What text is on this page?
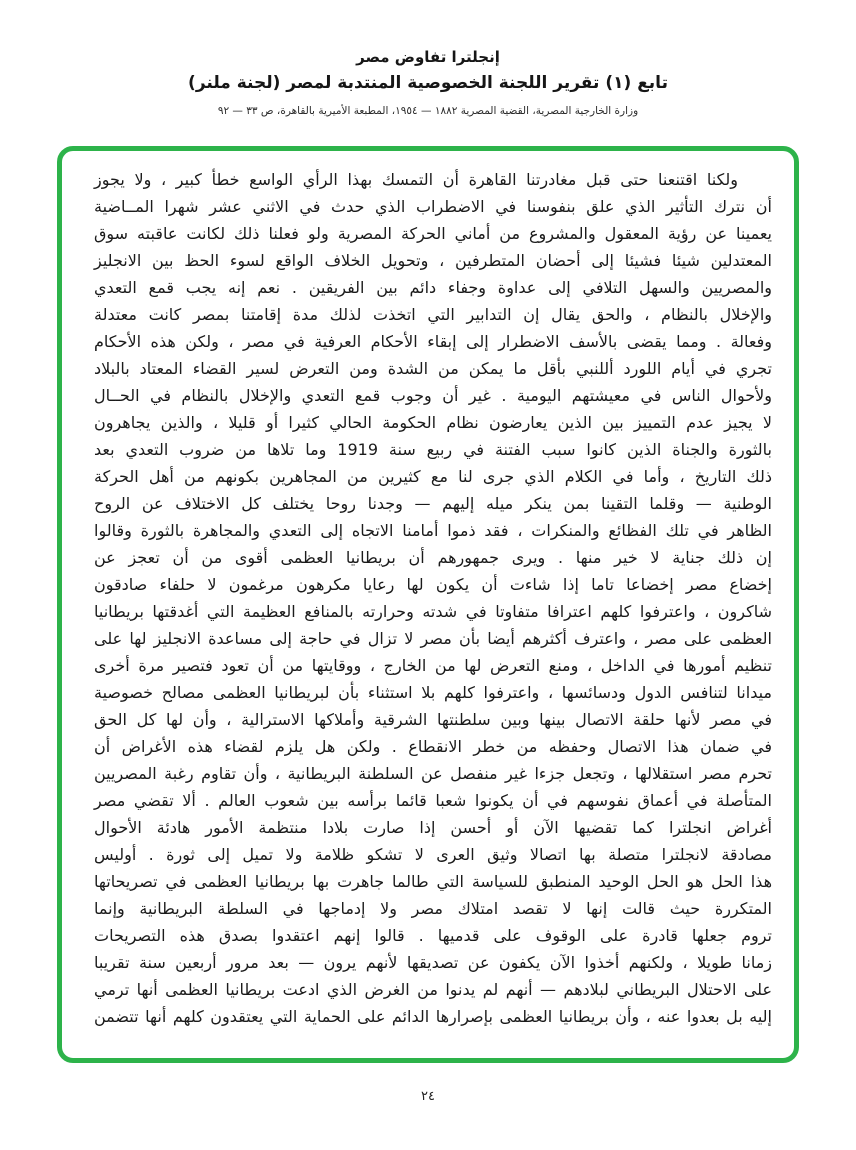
إنجلترا تفاوض مصر
تابع (١) تقرير اللجنة الخصوصية المنتدبة لمصر (لجنة ملنر)
وزارة الخارجية المصرية، القضية المصرية ١٨٨٢ — ١٩٥٤، المطبعة الأميرية بالقاهرة، ص ٣٣ — ٩٢
ولكنا اقتنعنا حتى قبل مغادرتنا القاهرة أن التمسك بهذا الرأي الواسع خطأ كبير ، ولا يجوز
أن نترك التأثير الذي علق بنفوسنا في الاضطراب الذي حدث في الاثني عشر شهرا المــاضية
يعمينا عن رؤية المعقول والمشروع من أماني الحركة المصرية ولو فعلنا ذلك لكانت عاقبته سوق
المعتدلين شيئا فشيئا إلى أحضان المتطرفين ، وتحويل الخلاف الواقع لسوء الحظ بين الانجليز
والمصريين والسهل التلافي إلى عداوة وجفاء دائم بين الفريقين . نعم إنه يجب قمع التعدي
والإخلال بالنظام ، والحق يقال إن التدابير التي اتخذت لذلك مدة إقامتنا بمصر كانت معتدلة
وفعالة . ومما يقضى بالأسف الاضطرار إلى إبقاء الأحكام العرفية في مصر ، ولكن هذه الأحكام
تجري في أيام اللورد أللنبي بأقل ما يمكن من الشدة ومن التعرض لسير القضاء المعتاد بالبلاد
ولأحوال الناس في معيشتهم اليومية . غير أن وجوب قمع التعدي والإخلال بالنظام في الحــال
لا يجيز عدم التمييز بين الذين يعارضون نظام الحكومة الحالي كثيرا أو قليلا ، والذين يجاهرون
بالثورة والجناة الذين كانوا سبب الفتنة في ربيع سنة 1919 وما تلاها من ضروب التعدي بعد
ذلك التاريخ ، وأما في الكلام الذي جرى لنا مع كثيرين من المجاهرين بكونهم من أهل الحركة
الوطنية — وقلما التقينا بمن ينكر ميله إليهم — وجدنا روحا يختلف كل الاختلاف عن الروح
الظاهر في تلك الفظائع والمنكرات ، فقد ذموا أمامنا الاتجاه إلى التعدي والمجاهرة بالثورة وقالوا
إن ذلك جناية لا خير منها . ويرى جمهورهم أن بريطانيا العظمى أقوى من أن تعجز عن
إخضاع مصر إخضاعا تاما إذا شاءت أن يكون لها رعايا مكرهون مرغمون لا حلفاء صادقون
شاكرون ، واعترفوا كلهم اعترافا متفاوتا في شدته وحرارته بالمنافع العظيمة التي أغدقتها بريطانيا
العظمى على مصر ، واعترف أكثرهم أيضا بأن مصر لا تزال في حاجة إلى مساعدة الانجليز لها على
تنظيم أمورها في الداخل ، ومنع التعرض لها من الخارج ، ووقايتها من أن تعود فتصير مرة أخرى
ميدانا لتنافس الدول ودسائسها ، واعترفوا كلهم بلا استثناء بأن لبريطانيا العظمى مصالح خصوصية
في مصر لأنها حلقة الاتصال بينها وبين سلطنتها الشرقية وأملاكها الاسترالية ، وأن لها كل الحق
في ضمان هذا الاتصال وحفظه من خطر الانقطاع . ولكن هل يلزم لقضاء هذه الأغراض أن
تحرم مصر استقلالها ، وتجعل جزءا غير منفصل عن السلطنة البريطانية ، وأن تقاوم رغبة المصريين
المتأصلة في أعماق نفوسهم في أن يكونوا شعبا قائما برأسه بين شعوب العالم . ألا تقضي مصر
أغراض انجلترا كما تقضيها الآن أو أحسن إذا صارت بلادا منتظمة الأمور هادئة الأحوال
مصادقة لانجلترا متصلة بها اتصالا وثيق العرى لا تشكو ظلامة ولا تميل إلى ثورة . أوليس
هذا الحل هو الحل الوحيد المنطبق للسياسة التي طالما جاهرت بها بريطانيا العظمى في تصريحاتها
المتكررة حيث قالت إنها لا تقصد امتلاك مصر ولا إدماجها في السلطة البريطانية وإنما
تروم جعلها قادرة على الوقوف على قدميها . قالوا إنهم اعتقدوا بصدق هذه التصريحات
زمانا طويلا ، ولكنهم أخذوا الآن يكفون عن تصديقها لأنهم يرون — بعد مرور أربعين سنة تقريبا
على الاحتلال البريطاني لبلادهم — أنهم لم يدنوا من الغرض الذي ادعت بريطانيا العظمى أنها ترمي
إليه بل بعدوا عنه ، وأن بريطانيا العظمى بإصرارها الدائم على الحماية التي يعتقدون كلهم أنها تتضمن
٢٤
